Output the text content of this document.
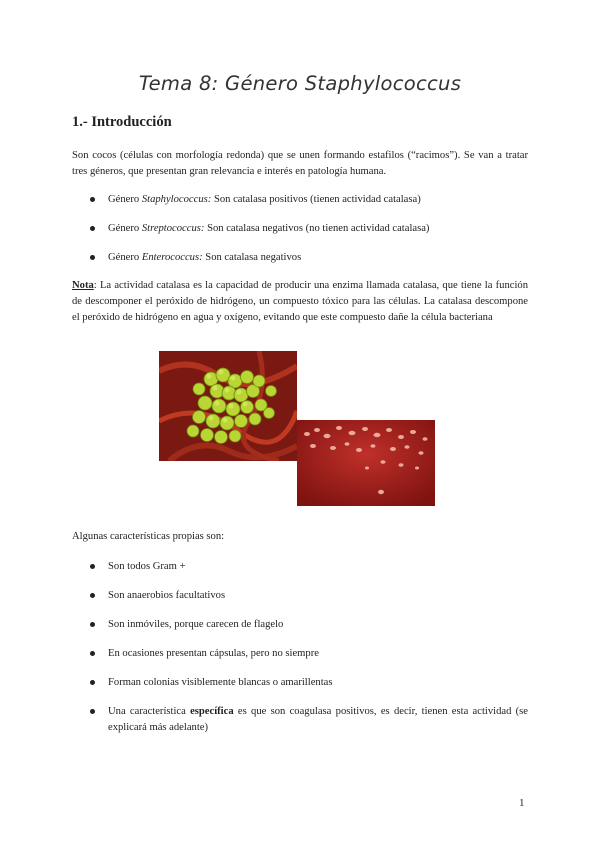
Tema 8: Género Staphylococcus
1.- Introducción
Son cocos (células con morfología redonda) que se unen formando estafilos (“racimos”). Se van a tratar tres géneros, que presentan gran relevancia e interés en patología humana.
Género Staphylococcus: Son catalasa positivos (tienen actividad catalasa)
Género Streptococcus: Son catalasa negativos (no tienen actividad catalasa)
Género Enterococcus: Son catalasa negativos
Nota: La actividad catalasa es la capacidad de producir una enzima llamada catalasa, que tiene la función de descomponer el peróxido de hidrógeno, un compuesto tóxico para las células. La catalasa descompone el peróxido de hidrógeno en agua y oxígeno, evitando que este compuesto dañe la célula bacteriana
Algunas características propias son:
Son todos Gram +
Son anaerobios facultativos
Son inmóviles, porque carecen de flagelo
En ocasiones presentan cápsulas, pero no siempre
Forman colonias visiblemente blancas o amarillentas
Una característica específica es que son coagulasa positivos, es decir, tienen esta actividad (se explicará más adelante)
1
